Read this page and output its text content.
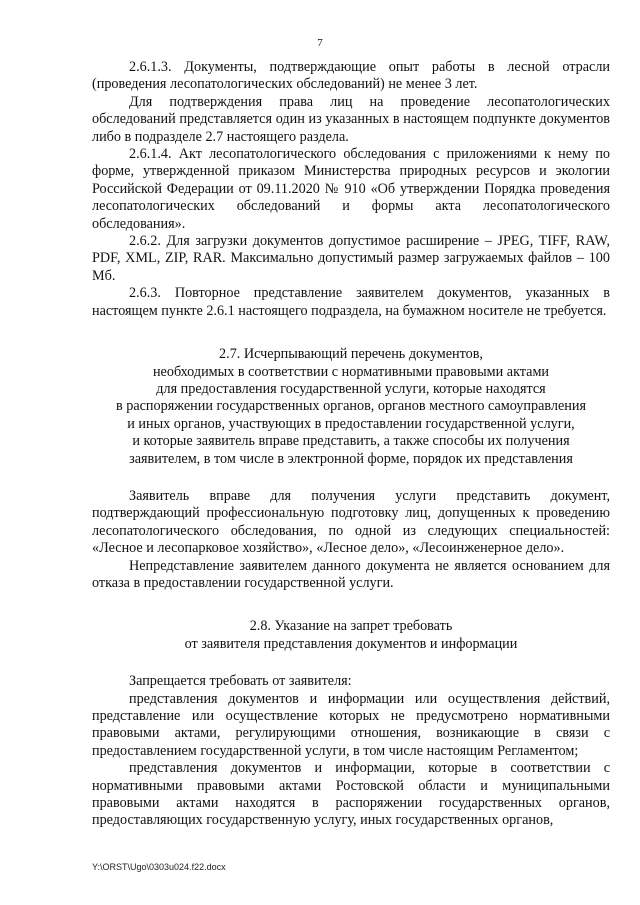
7

2.6.1.3. Документы, подтверждающие опыт работы в лесной отрасли (проведения лесопатологических обследований) не менее 3 лет.

Для подтверждения права лиц на проведение лесопатологических обследований представляется один из указанных в настоящем подпункте документов либо в подразделе 2.7 настоящего раздела.

2.6.1.4. Акт лесопатологического обследования с приложениями к нему по форме, утвержденной приказом Министерства природных ресурсов и экологии Российской Федерации от 09.11.2020 № 910 «Об утверждении Порядка проведения лесопатологических обследований и формы акта лесопатологического обследования».

2.6.2. Для загрузки документов допустимое расширение – JPEG, TIFF, RAW, PDF, XML, ZIP, RAR. Максимально допустимый размер загружаемых файлов – 100 Мб.

2.6.3. Повторное представление заявителем документов, указанных в настоящем пункте 2.6.1 настоящего подраздела, на бумажном носителе не требуется.

2.7. Исчерпывающий перечень документов,
необходимых в соответствии с нормативными правовыми актами
для предоставления государственной услуги, которые находятся
в распоряжении государственных органов, органов местного самоуправления
и иных органов, участвующих в предоставлении государственной услуги,
и которые заявитель вправе представить, а также способы их получения
заявителем, в том числе в электронной форме, порядок их представления

Заявитель вправе для получения услуги представить документ, подтверждающий профессиональную подготовку лиц, допущенных к проведению лесопатологического обследования, по одной из следующих специальностей: «Лесное и лесопарковое хозяйство», «Лесное дело», «Лесоинженерное дело».

Непредставление заявителем данного документа не является основанием для отказа в предоставлении государственной услуги.

2.8. Указание на запрет требовать
от заявителя представления документов и информации

Запрещается требовать от заявителя:

представления документов и информации или осуществления действий, представление или осуществление которых не предусмотрено нормативными правовыми актами, регулирующими отношения, возникающие в связи с предоставлением государственной услуги, в том числе настоящим Регламентом;

представления документов и информации, которые в соответствии с нормативными правовыми актами Ростовской области и муниципальными правовыми актами находятся в распоряжении государственных органов, предоставляющих государственную услугу, иных государственных органов,

Y:\ORST\Ugo\0303u024.f22.docx
